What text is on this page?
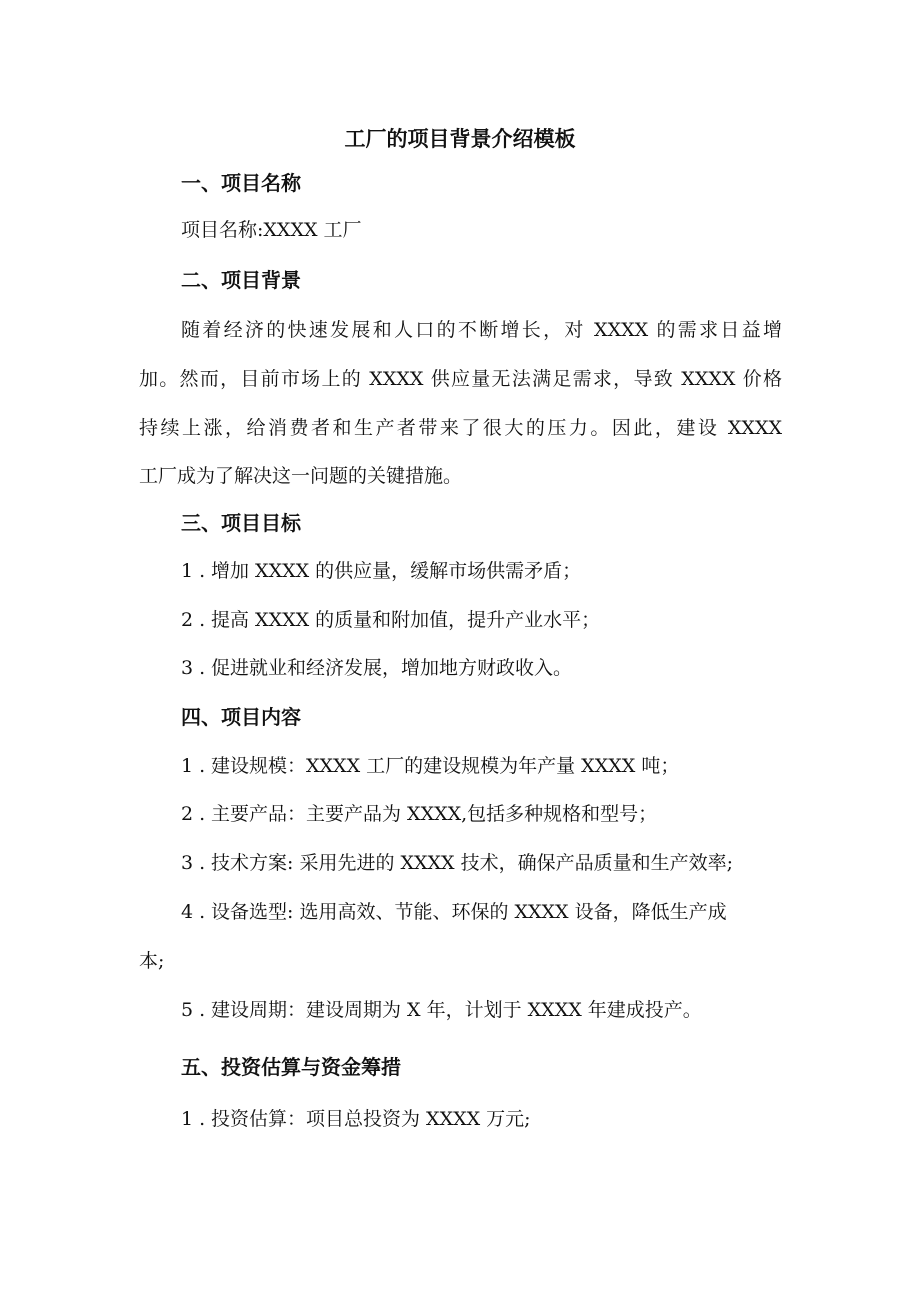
工厂的项目背景介绍模板
一、项目名称
项目名称:XXXX 工厂
二、项目背景
随着经济的快速发展和人口的不断增长，对 XXXX 的需求日益增
加。然而，目前市场上的 XXXX 供应量无法满足需求，导致 XXXX 价格
持续上涨，给消费者和生产者带来了很大的压力。因此，建设 XXXX
工厂成为了解决这一问题的关键措施。
三、项目目标
1 . 增加 XXXX 的供应量，缓解市场供需矛盾；
2 . 提高 XXXX 的质量和附加值，提升产业水平；
3 . 促进就业和经济发展，增加地方财政收入。
四、项目内容
1 . 建设规模：XXXX 工厂的建设规模为年产量 XXXX 吨；
2 . 主要产品：主要产品为 XXXX,包括多种规格和型号；
3 . 技术方案: 采用先进的 XXXX 技术，确保产品质量和生产效率;
4 . 设备选型: 选用高效、节能、环保的 XXXX 设备，降低生产成
本;
5 . 建设周期：建设周期为 X 年，计划于 XXXX 年建成投产。
五、投资估算与资金筹措
1 . 投资估算：项目总投资为 XXXX 万元;
